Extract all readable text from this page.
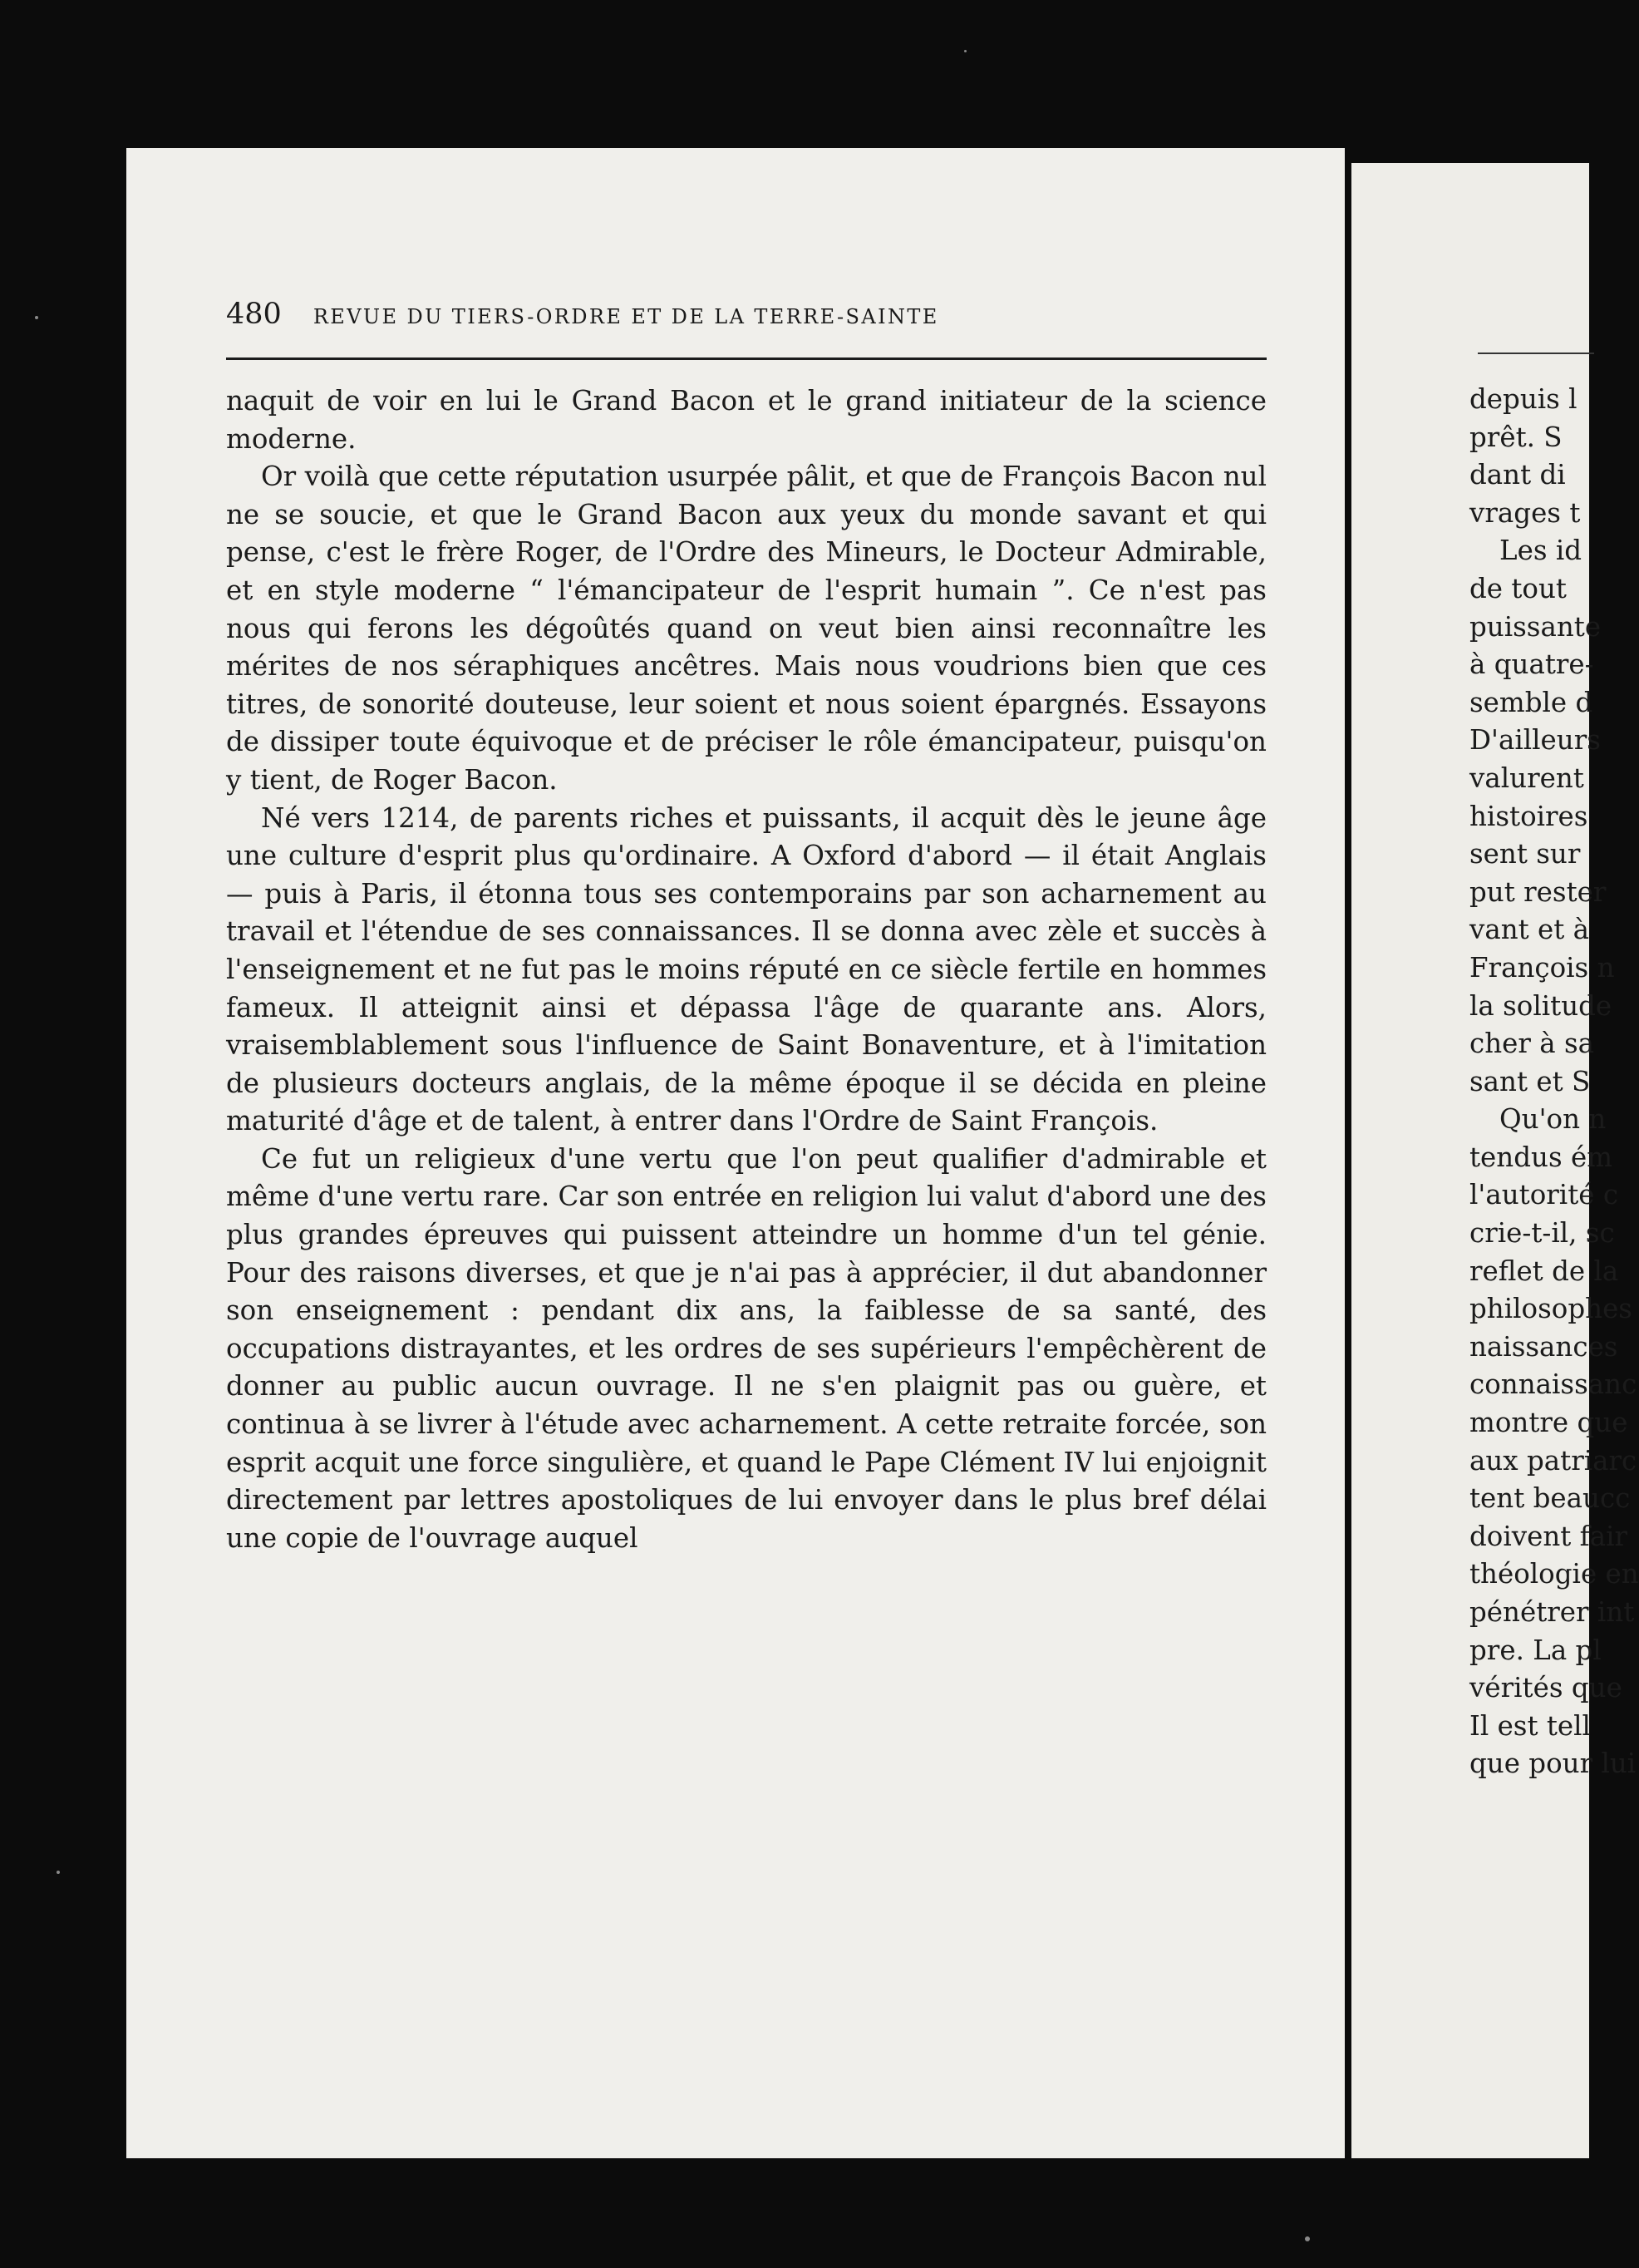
depuis l
prêt. S
dant di
vrages t
Les id
de tout
puissante
à quatre-
semble d
D'ailleurs
valurent
histoires
sent sur
put rester
vant et à
François n
la solitude
cher à sa
sant et S
Qu'on n
tendus ém
l'autorité c
crie-t-il, sc
reflet de la
philosophes
naissances
connaissanc
montre que
aux patriarc
tent beaucc
doivent fair
théologie en
pénétrer int
pre. La pl
vérités que
Il est tell
que pour lui
480 REVUE DU TIERS-ORDRE ET DE LA TERRE-SAINTE

naquit de voir en lui le Grand Bacon et le grand initiateur de la science moderne.

Or voilà que cette réputation usurpée pâlit, et que de François Bacon nul ne se soucie, et que le Grand Bacon aux yeux du monde savant et qui pense, c'est le frère Roger, de l'Ordre des Mineurs, le Docteur Admirable, et en style moderne “ l'émancipateur de l'esprit humain ”. Ce n'est pas nous qui ferons les dégoûtés quand on veut bien ainsi reconnaître les mérites de nos séraphiques ancêtres. Mais nous voudrions bien que ces titres, de sonorité douteuse, leur soient et nous soient épargnés. Essayons de dissiper toute équivoque et de préciser le rôle émancipateur, puisqu'on y tient, de Roger Bacon.

Né vers 1214, de parents riches et puissants, il acquit dès le jeune âge une culture d'esprit plus qu'ordinaire. A Oxford d'abord — il était Anglais — puis à Paris, il étonna tous ses contemporains par son acharnement au travail et l'étendue de ses connaissances. Il se donna avec zèle et succès à l'enseignement et ne fut pas le moins réputé en ce siècle fertile en hommes fameux. Il atteignit ainsi et dépassa l'âge de quarante ans. Alors, vraisemblablement sous l'influence de Saint Bonaventure, et à l'imitation de plusieurs docteurs anglais, de la même époque il se décida en pleine maturité d'âge et de talent, à entrer dans l'Ordre de Saint François.

Ce fut un religieux d'une vertu que l'on peut qualifier d'admirable et même d'une vertu rare. Car son entrée en religion lui valut d'abord une des plus grandes épreuves qui puissent atteindre un homme d'un tel génie. Pour des raisons diverses, et que je n'ai pas à apprécier, il dut abandonner son enseignement : pendant dix ans, la faiblesse de sa santé, des occupations distrayantes, et les ordres de ses supérieurs l'empêchèrent de donner au public aucun ouvrage. Il ne s'en plaignit pas ou guère, et continua à se livrer à l'étude avec acharnement. A cette retraite forcée, son esprit acquit une force singulière, et quand le Pape Clément IV lui enjoignit directement par lettres apostoliques de lui envoyer dans le plus bref délai une copie de l'ouvrage auquel
